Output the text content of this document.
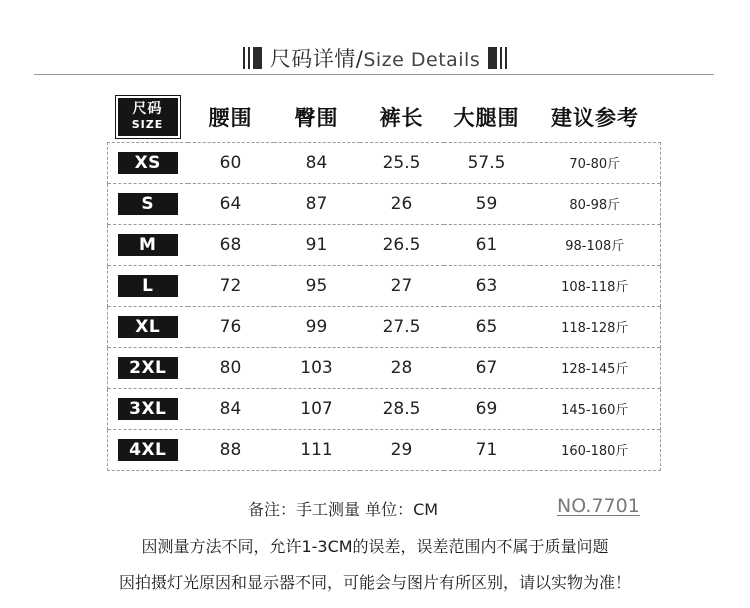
尺码详情/Size Details
尺码
SIZE	腰围	臀围	裤长	大腿围	建议参考
XS	60	84	25.5	57.5	70-80斤
S	64	87	26	59	80-98斤
M	68	91	26.5	61	98-108斤
L	72	95	27	63	108-118斤
XL	76	99	27.5	65	118-128斤
2XL	80	103	28	67	128-145斤
3XL	84	107	28.5	69	145-160斤
4XL	88	111	29	71	160-180斤
备注：手工测量 单位：CM	NO.7701
因测量方法不同，允许1-3CM的误差，误差范围内不属于质量问题
因拍摄灯光原因和显示器不同，可能会与图片有所区别，请以实物为准！
